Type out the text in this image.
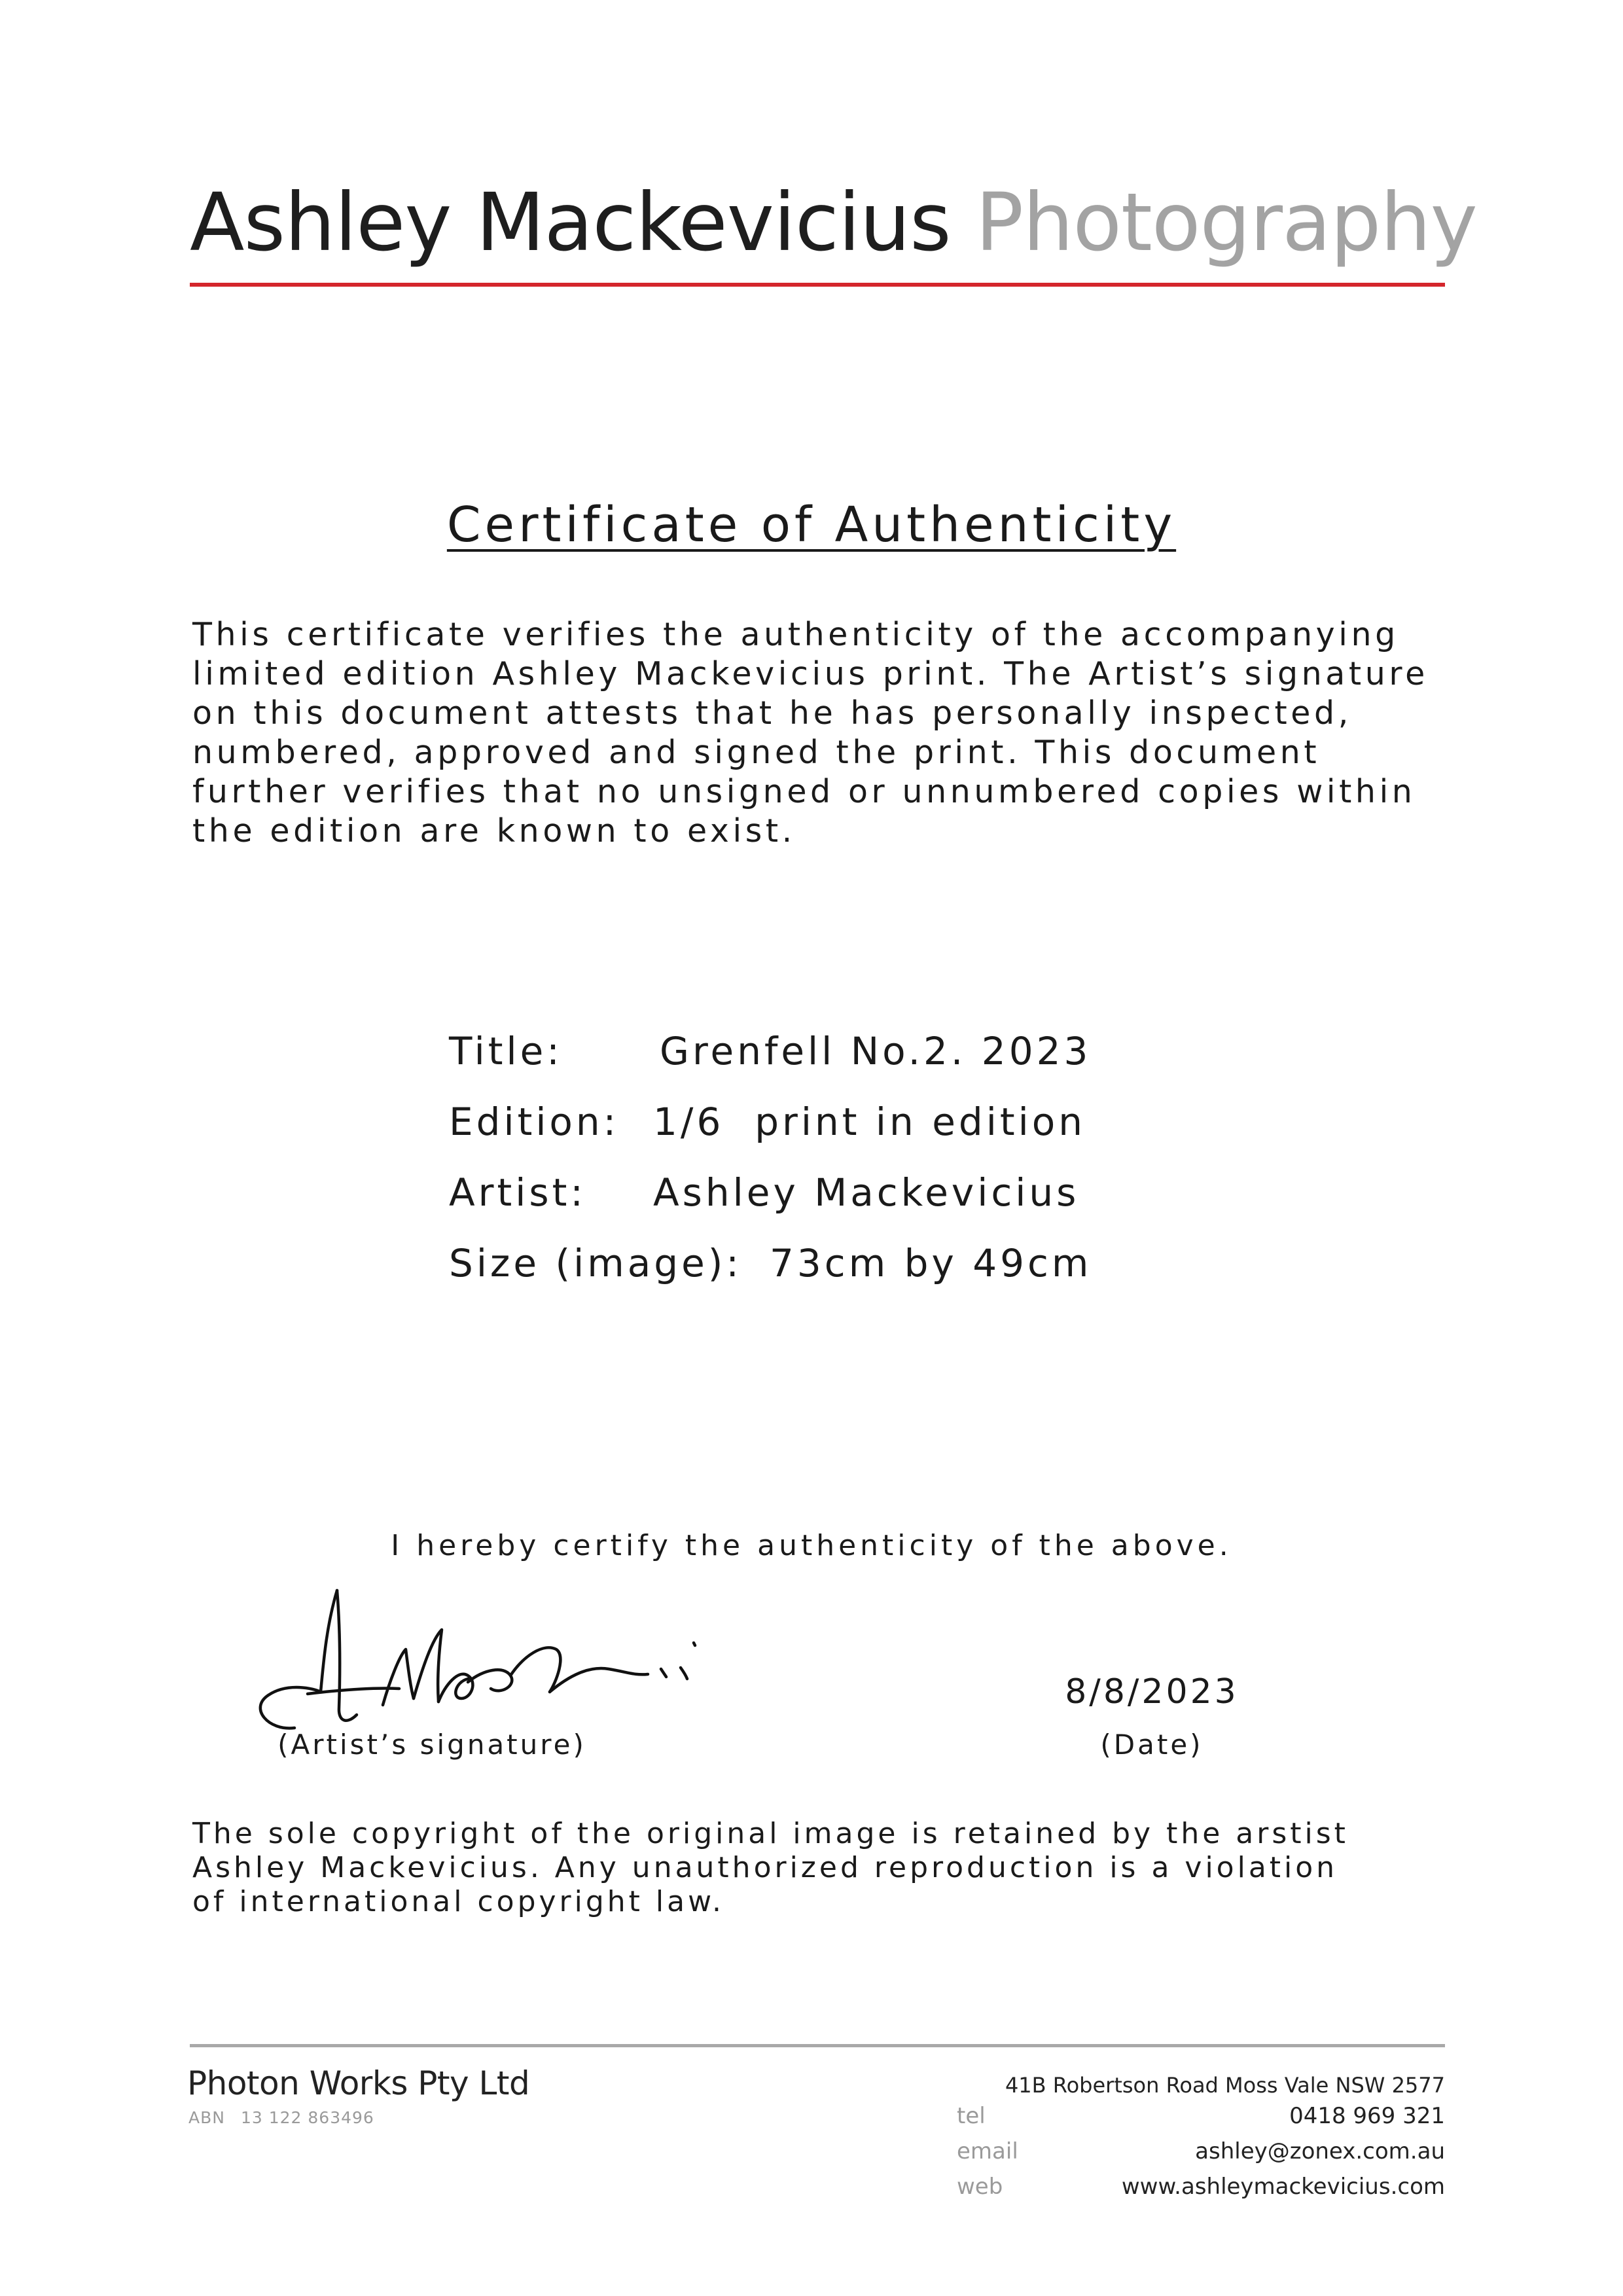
Ashley Mackevicius Photography
Certificate of Authenticity
This certificate verifies the authenticity of the accompanying limited edition Ashley Mackevicius print. The Artist’s signature on this document attests that he has personally inspected, numbered, approved and signed the print. This document further verifies that no unsigned or unnumbered copies within the edition are known to exist.
Title:	Grenfell No.2. 2023
Edition: 1/6  print in edition
Artist:	Ashley Mackevicius
Size (image): 73cm by 49cm
I hereby certify the authenticity of the above.
(Artist’s signature)
8/8/2023
(Date)
The sole copyright of the original image is retained by the arstist Ashley Mackevicius. Any unauthorized reproduction is a violation of international copyright law.
Photon Works Pty Ltd
ABN 13 122 863496
41B Robertson Road Moss Vale NSW 2577
tel	0418 969 321
email	ashley@zonex.com.au
web	www.ashleymackevicius.com
